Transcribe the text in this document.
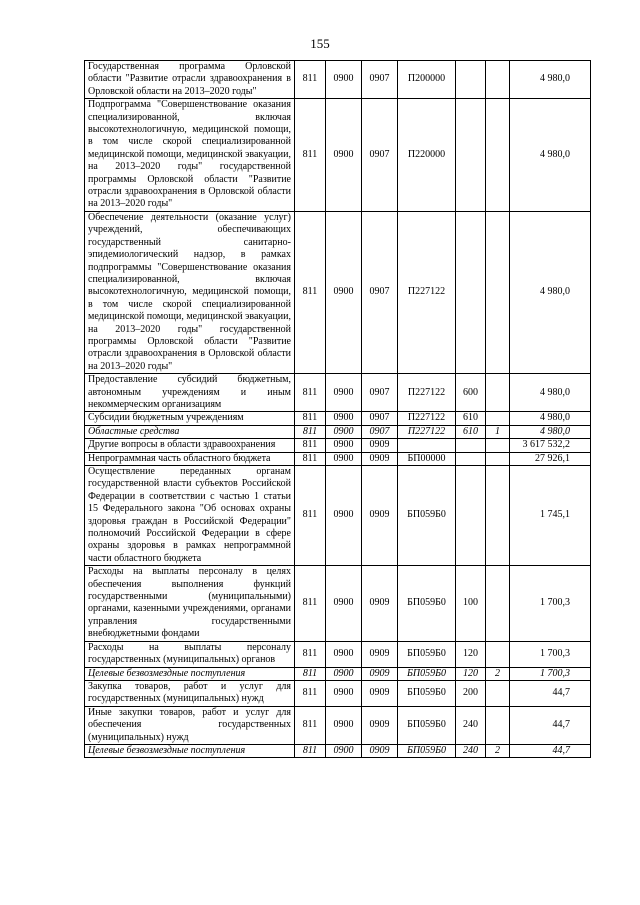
155
Государственная программа Орловской области "Развитие отрасли здравоохранения в Орловской области на 2013–2020 годы"	811	0900	0907	П200000			4 980,0
Подпрограмма "Совершенствование оказания специализированной, включая высокотехнологичную, медицинской помощи, в том числе скорой специализированной медицинской помощи, медицинской эвакуации, на 2013–2020 годы" государственной программы Орловской области "Развитие отрасли здравоохранения в Орловской области на 2013–2020 годы"	811	0900	0907	П220000			4 980,0
Обеспечение деятельности (оказание услуг) учреждений, обеспечивающих государственный санитарно-эпидемиологический надзор, в рамках подпрограммы "Совершенствование оказания специализированной, включая высокотехнологичную, медицинской помощи, в том числе скорой специализированной медицинской помощи, медицинской эвакуации, на 2013–2020 годы" государственной программы Орловской области "Развитие отрасли здравоохранения в Орловской области на 2013–2020 годы"	811	0900	0907	П227122			4 980,0
Предоставление субсидий бюджетным, автономным учреждениям и иным некоммерческим организациям	811	0900	0907	П227122	600		4 980,0
Субсидии бюджетным учреждениям	811	0900	0907	П227122	610		4 980,0
Областные средства	811	0900	0907	П227122	610	1	4 980,0
Другие вопросы в области здравоохранения	811	0900	0909				3 617 532,2
Непрограммная часть областного бюджета	811	0900	0909	БП00000			27 926,1
Осуществление переданных органам государственной власти субъектов Российской Федерации в соответствии с частью 1 статьи 15 Федерального закона "Об основах охраны здоровья граждан в Российской Федерации" полномочий Российской Федерации в сфере охраны здоровья в рамках непрограммной части областного бюджета	811	0900	0909	БП059Б0			1 745,1
Расходы на выплаты персоналу в целях обеспечения выполнения функций государственными (муниципальными) органами, казенными учреждениями, органами управления государственными внебюджетными фондами	811	0900	0909	БП059Б0	100		1 700,3
Расходы на выплаты персоналу государственных (муниципальных) органов	811	0900	0909	БП059Б0	120		1 700,3
Целевые безвозмездные поступления	811	0900	0909	БП059Б0	120	2	1 700,3
Закупка товаров, работ и услуг для государственных (муниципальных) нужд	811	0900	0909	БП059Б0	200		44,7
Иные закупки товаров, работ и услуг для обеспечения государственных (муниципальных) нужд	811	0900	0909	БП059Б0	240		44,7
Целевые безвозмездные поступления	811	0900	0909	БП059Б0	240	2	44,7
